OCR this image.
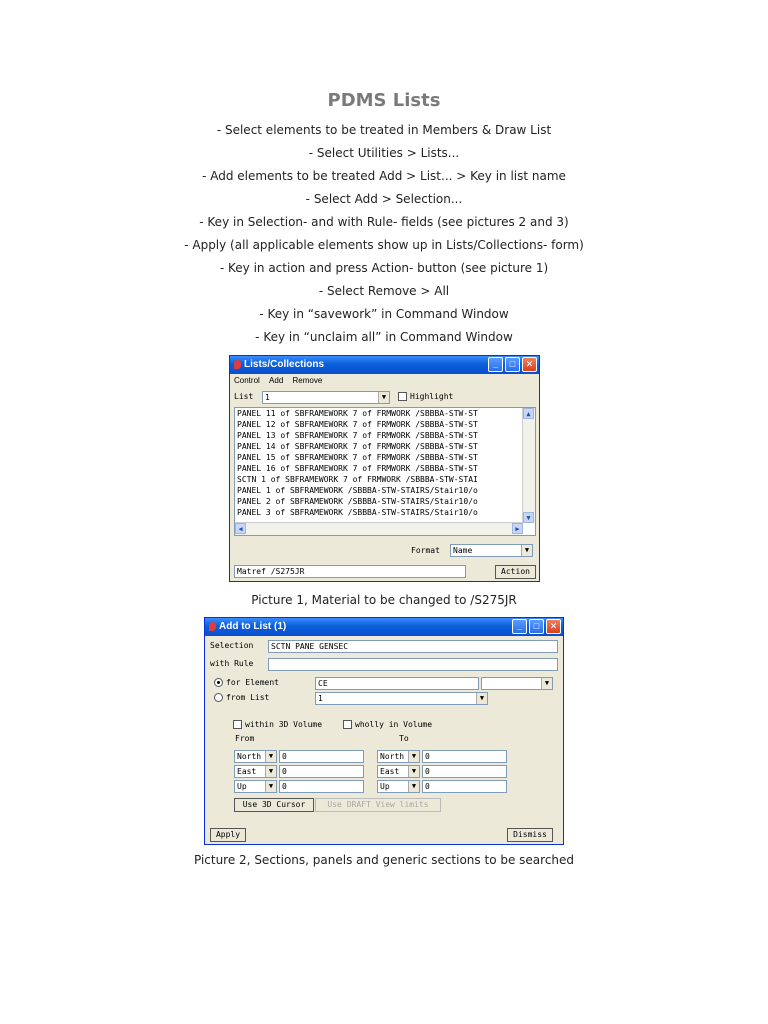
PDMS Lists
- Select elements to be treated in Members & Draw List
- Select Utilities > Lists...
- Add elements to be treated Add > List... > Key in list name
- Select Add > Selection...
- Key in Selection- and with Rule- fields (see pictures 2 and 3)
- Apply (all applicable elements show up in Lists/Collections- form)
- Key in action and press Action- button (see picture 1)
- Select Remove > All
- Key in “savework” in Command Window
- Key in “unclaim all” in Command Window
Lists/Collections	_	□	✕
Control Add Remove
List	1	▼	Highlight
PANEL 11 of SBFRAMEWORK 7 of FRMWORK /SBBBA-STW-ST
PANEL 12 of SBFRAMEWORK 7 of FRMWORK /SBBBA-STW-ST
PANEL 13 of SBFRAMEWORK 7 of FRMWORK /SBBBA-STW-ST
PANEL 14 of SBFRAMEWORK 7 of FRMWORK /SBBBA-STW-ST
PANEL 15 of SBFRAMEWORK 7 of FRMWORK /SBBBA-STW-ST
PANEL 16 of SBFRAMEWORK 7 of FRMWORK /SBBBA-STW-ST
SCTN 1 of SBFRAMEWORK 7 of FRMWORK /SBBBA-STW-STAI
PANEL 1 of SBFRAMEWORK /SBBBA-STW-STAIRS/Stair10/o
PANEL 2 of SBFRAMEWORK /SBBBA-STW-STAIRS/Stair10/o
PANEL 3 of SBFRAMEWORK /SBBBA-STW-STAIRS/Stair10/o
▲
▼
◀	▶
Format	Name	▼
Matref /S275JR	Action
Picture 1, Material to be changed to /S275JR
Add to List (1)	_	□	✕
Selection	SCTN PANE GENSEC
with Rule
for Element	CE	▼
from List	1	▼
within 3D Volume	wholly in Volume
From	To
North	▼	0
East	▼	0
Up	▼	0
North	▼	0
East	▼	0
Up	▼	0
Use 3D Cursor	Use DRAFT View limits
Apply	Dismiss
Picture 2, Sections, panels and generic sections to be searched
